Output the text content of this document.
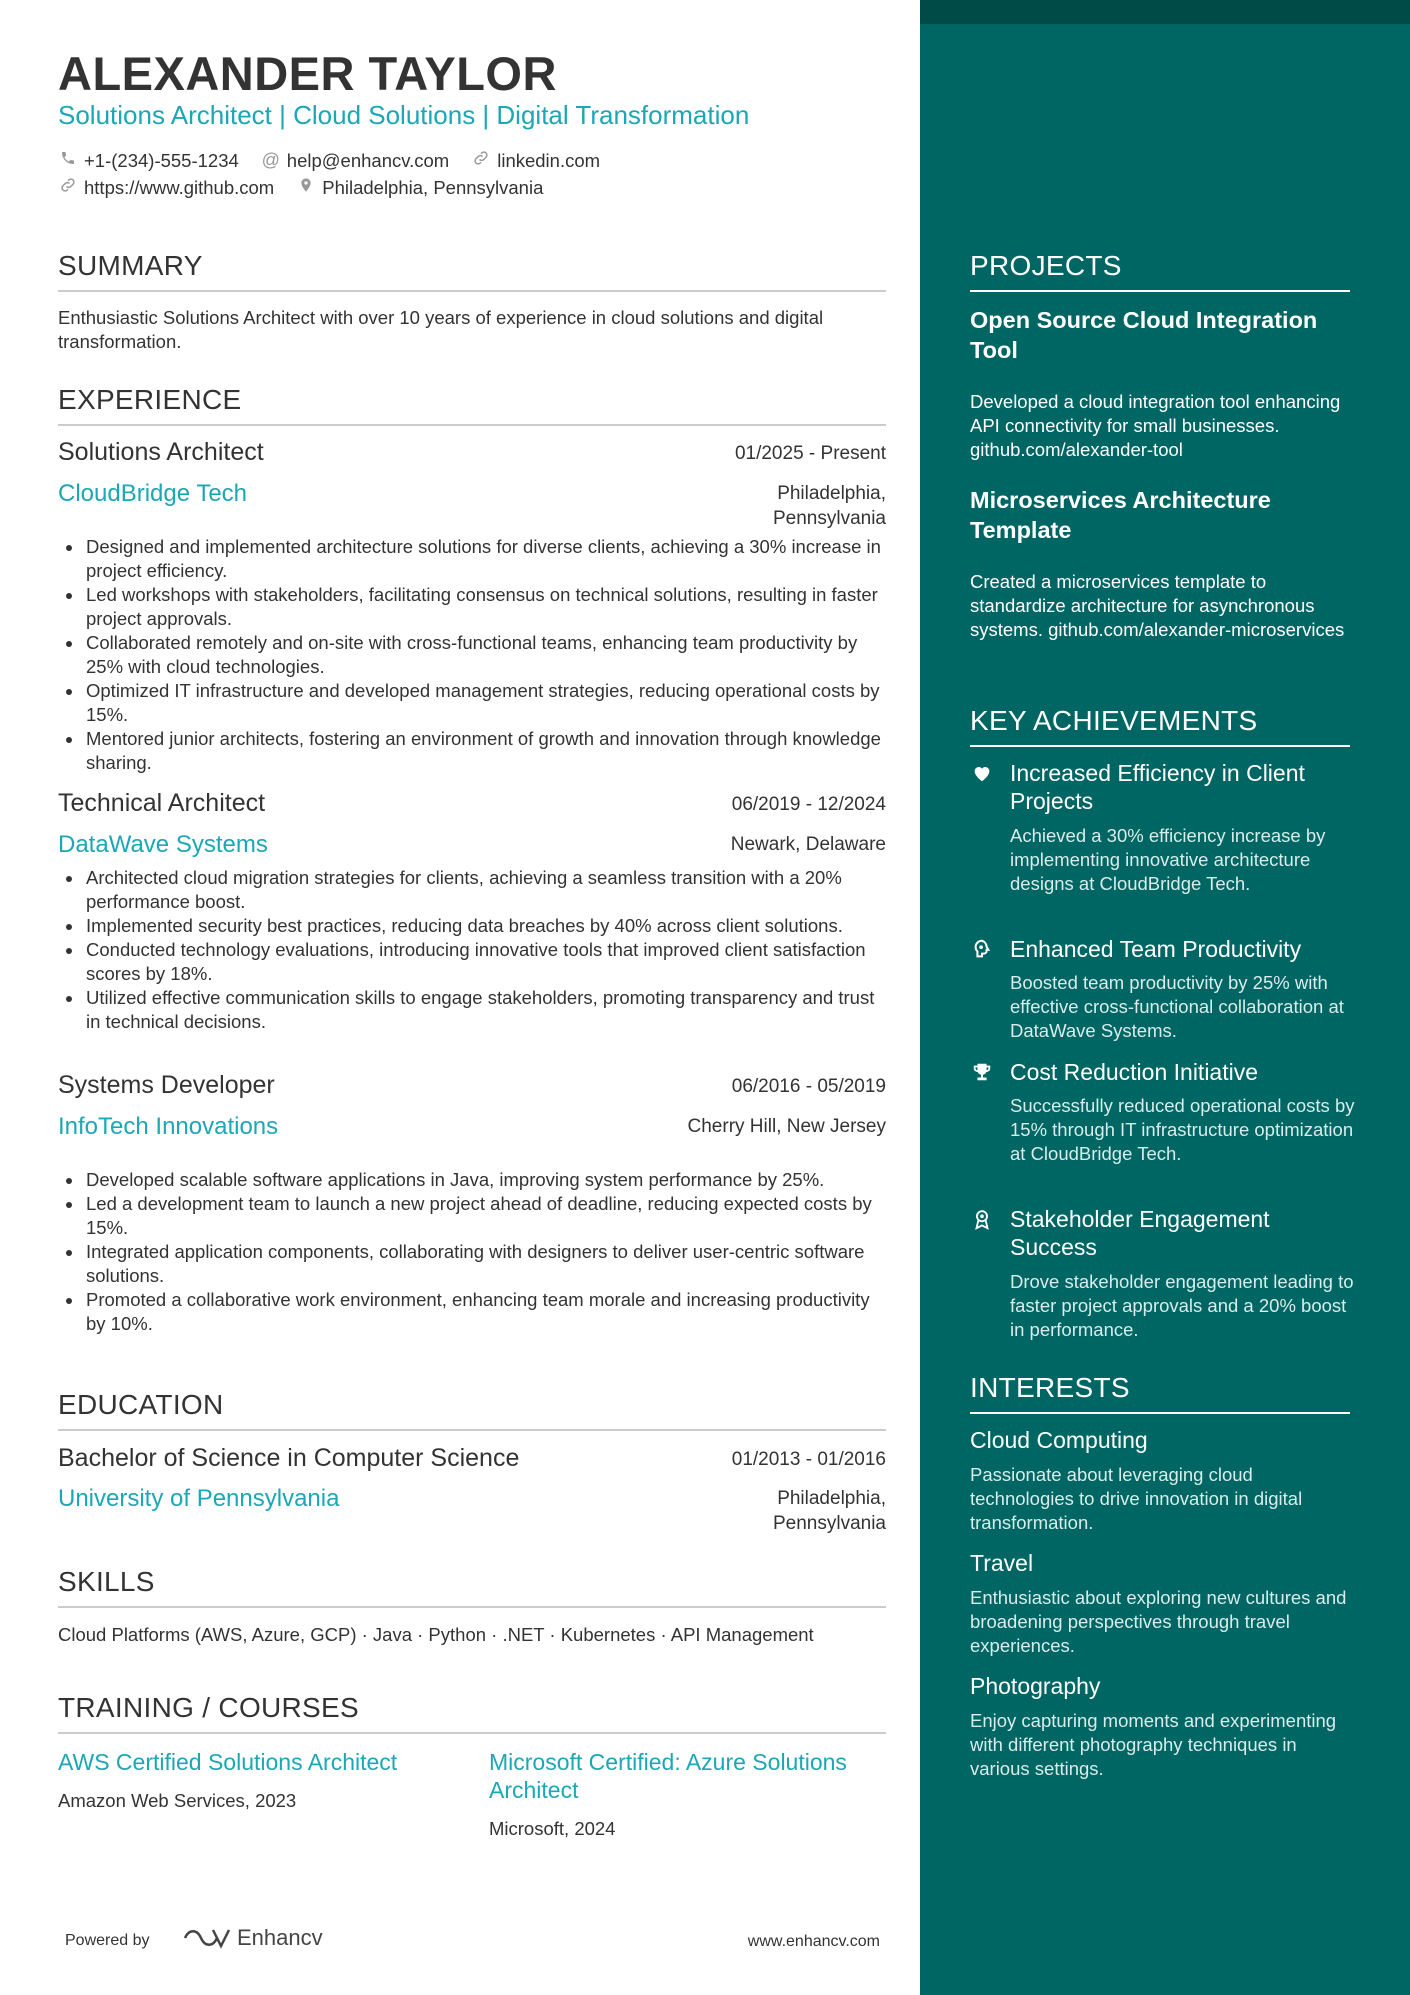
ALEXANDER TAYLOR
Solutions Architect | Cloud Solutions | Digital Transformation
+1-(234)-555-1234 @ help@enhancv.com	linkedin.com
https://www.github.com	Philadelphia, Pennsylvania
SUMMARY
Enthusiastic Solutions Architect with over 10 years of experience in cloud solutions and digital transformation.
EXPERIENCE
Solutions Architect	01/2025 - Present
CloudBridge Tech	Philadelphia, Pennsylvania
Designed and implemented architecture solutions for diverse clients, achieving a 30% increase in project efficiency.
Led workshops with stakeholders, facilitating consensus on technical solutions, resulting in faster project approvals.
Collaborated remotely and on-site with cross-functional teams, enhancing team productivity by 25% with cloud technologies.
Optimized IT infrastructure and developed management strategies, reducing operational costs by 15%.
Mentored junior architects, fostering an environment of growth and innovation through knowledge sharing.
Technical Architect	06/2019 - 12/2024
DataWave Systems	Newark, Delaware
Architected cloud migration strategies for clients, achieving a seamless transition with a 20% performance boost.
Implemented security best practices, reducing data breaches by 40% across client solutions.
Conducted technology evaluations, introducing innovative tools that improved client satisfaction scores by 18%.
Utilized effective communication skills to engage stakeholders, promoting transparency and trust in technical decisions.
Systems Developer	06/2016 - 05/2019
InfoTech Innovations	Cherry Hill, New Jersey
Developed scalable software applications in Java, improving system performance by 25%.
Led a development team to launch a new project ahead of deadline, reducing expected costs by 15%.
Integrated application components, collaborating with designers to deliver user-centric software solutions.
Promoted a collaborative work environment, enhancing team morale and increasing productivity by 10%.
EDUCATION
Bachelor of Science in Computer Science	01/2013 - 01/2016
University of Pennsylvania	Philadelphia, Pennsylvania
SKILLS
Cloud Platforms (AWS, Azure, GCP) · Java · Python · .NET · Kubernetes · API Management
TRAINING / COURSES
AWS Certified Solutions Architect
Amazon Web Services, 2023
Microsoft Certified: Azure Solutions Architect
Microsoft, 2024
Powered by	Enhancv	www.enhancv.com
PROJECTS
Open Source Cloud Integration Tool
Developed a cloud integration tool enhancing API connectivity for small businesses. github.com/alexander-tool
Microservices Architecture Template
Created a microservices template to standardize architecture for asynchronous systems. github.com/alexander-microservices
KEY ACHIEVEMENTS
Increased Efficiency in Client Projects
Achieved a 30% efficiency increase by implementing innovative architecture designs at CloudBridge Tech.
Enhanced Team Productivity
Boosted team productivity by 25% with effective cross-functional collaboration at DataWave Systems.
Cost Reduction Initiative
Successfully reduced operational costs by 15% through IT infrastructure optimization at CloudBridge Tech.
Stakeholder Engagement Success
Drove stakeholder engagement leading to faster project approvals and a 20% boost in performance.
INTERESTS
Cloud Computing
Passionate about leveraging cloud technologies to drive innovation in digital transformation.
Travel
Enthusiastic about exploring new cultures and broadening perspectives through travel experiences.
Photography
Enjoy capturing moments and experimenting with different photography techniques in various settings.
